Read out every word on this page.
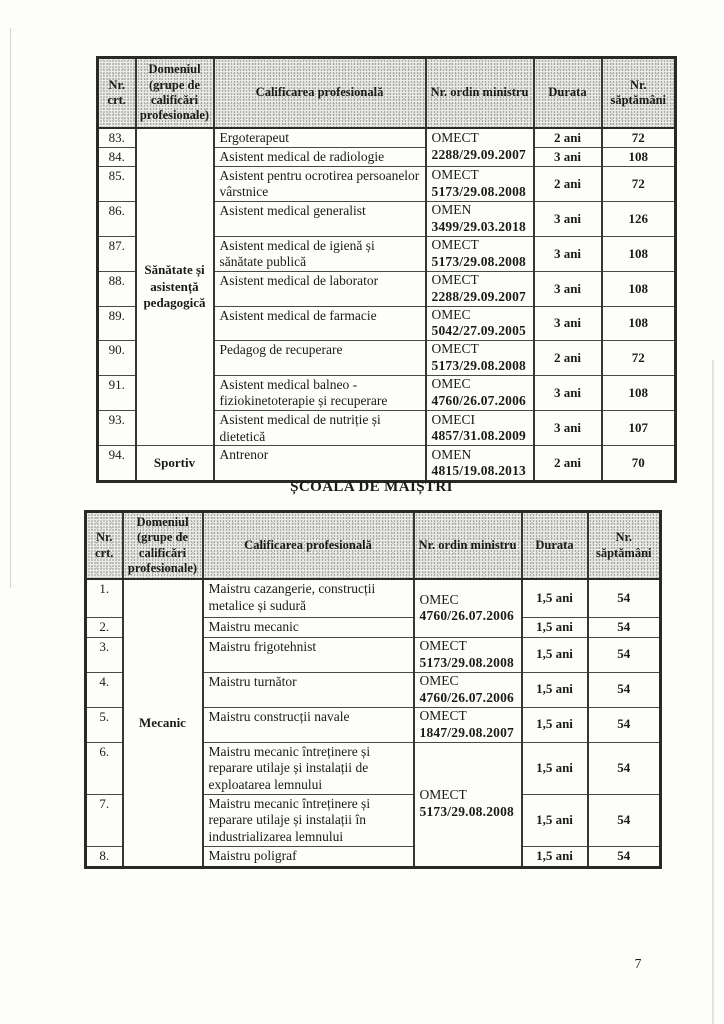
Nr. crt.	Domeniul (grupe de calificări profesionale)	Calificarea profesională	Nr. ordin ministru	Durata	Nr. săptămâni
83.	Sănătate și asistență pedagogică	Ergoterapeut	OMECT
2288/29.09.2007	2 ani	72
84.		Asistent medical de radiologie		3 ani	108
85.		Asistent pentru ocrotirea persoanelor vârstnice	OMECT
5173/29.08.2008	2 ani	72
86.		Asistent medical generalist	OMEN
3499/29.03.2018	3 ani	126
87.		Asistent medical de igienă și sănătate publică	OMECT
5173/29.08.2008	3 ani	108
88.		Asistent medical de laborator	OMECT
2288/29.09.2007	3 ani	108
89.		Asistent medical de farmacie	OMEC
5042/27.09.2005	3 ani	108
90.		Pedagog de recuperare	OMECT
5173/29.08.2008	2 ani	72
91.		Asistent medical balneo - fiziokinetoterapie și recuperare	OMEC
4760/26.07.2006	3 ani	108
93.		Asistent medical de nutriție și dietetică	OMECI
4857/31.08.2009	3 ani	107
94.	Sportiv	Antrenor	OMEN
4815/19.08.2013	2 ani	70
ȘCOALA DE MAIȘTRI
Nr. crt.	Domeniul (grupe de calificări profesionale)	Calificarea profesională	Nr. ordin ministru	Durata	Nr. săptămâni
1.	Mecanic	Maistru cazangerie, construcții metalice și sudură	OMEC
4760/26.07.2006	1,5 ani	54
2.		Maistru mecanic		1,5 ani	54
3.		Maistru frigotehnist	OMECT
5173/29.08.2008	1,5 ani	54
4.		Maistru turnător	OMEC
4760/26.07.2006	1,5 ani	54
5.		Maistru construcții navale	OMECT
1847/29.08.2007	1,5 ani	54
6.		Maistru mecanic întreținere și reparare utilaje și instalații de exploatarea lemnului	OMECT
5173/29.08.2008	1,5 ani	54
7.		Maistru mecanic întreținere și reparare utilaje și instalații în industrializarea lemnului		1,5 ani	54
8.		Maistru poligraf		1,5 ani	54
7
